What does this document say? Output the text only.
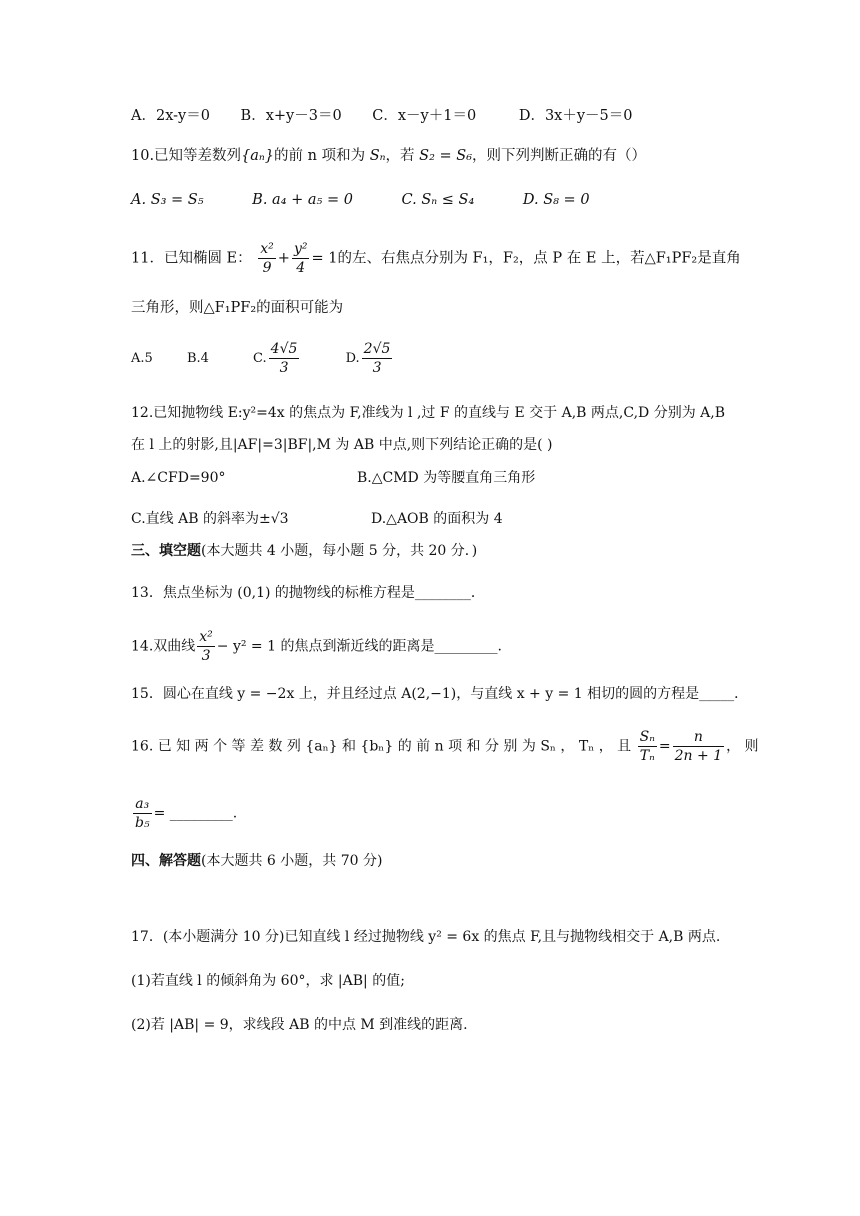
A．2x-y＝0 B．x+y－3＝0 C．x－y＋1＝0	D．3x＋y－5＝0
10.已知等差数列{aₙ}的前 n 项和为 Sₙ，若 S₂ = S₆，则下列判断正确的有（）
A. S₃ = S₅	B. a₄ + a₅ = 0	C. Sₙ ≤ S₄	D. S₈ = 0
11．已知椭圆 E： $\frac{\text{x²}}{9} + \frac{\text{y²}}{4} = 1$的左、右焦点分别为 F₁，F₂，点 P 在 E 上，若△F₁PF₂是直角
三角形，则△F₁PF₂的面积可能为
A.5	B.4	C. $\frac{4√5}{3}$	D. $\frac{2√5}{3}$
12.已知抛物线 E:y²=4x 的焦点为 F,准线为 l ,过 F 的直线与 E 交于 A,B 两点,C,D 分别为 A,B
在 l 上的射影,且|AF|=3|BF|,M 为 AB 中点,则下列结论正确的是( )
A.∠CFD=90°	B.△CMD 为等腰直角三角形
C.直线 AB 的斜率为±√3	D.△AOB 的面积为 4
三、填空题(本大题共 4 小题，每小题 5 分，共 20 分．)
13．焦点坐标为 (0,1) 的抛物线的标椎方程是________．
14.双曲线 $\frac{\text{x²}}{3} - y^2 = 1$ 的焦点到渐近线的距离是_________.
15．圆心在直线 y = −2x 上，并且经过点 A(2,−1)，与直线 x + y = 1 相切的圆的方程是_____．
16. 已 知 两 个 等 差 数 列 {aₙ} 和 {bₙ} 的 前 n 项 和 分 别 为 Sₙ ， Tₙ ， 且 $\frac{\text{Sₙ}}{\text{Tₙ}} = \frac{n}{2n + 1}$ ， 则
$\frac{\text{a₃}}{\text{b₅}}$ = _________.
四、解答题(本大题共 6 小题，共 70 分)
17．(本小题满分 10 分)已知直线 l 经过抛物线 y² = 6x 的焦点 F,且与抛物线相交于 A,B 两点.
(1)若直线 l 的倾斜角为 60°，求 |AB| 的值;
(2)若 |AB| = 9，求线段 AB 的中点 M 到准线的距离.
